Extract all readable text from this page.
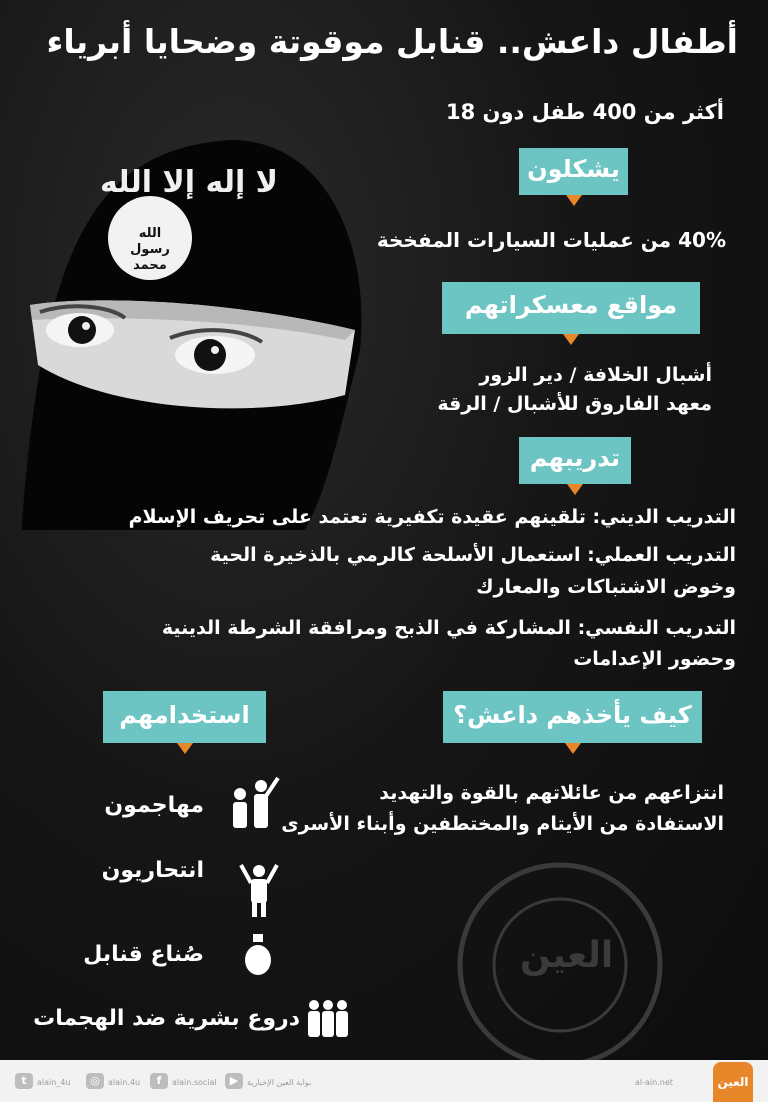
لا إله إلا الله
الله رسول محمد
العين
أطفال داعش.. قنابل موقوتة وضحايا أبرياء
أكثر من 400 طفل دون 18
يشكلون
40% من عمليات السيارات المفخخة
مواقع معسكراتهم
أشبال الخلافة / دير الزور
معهد الفاروق للأشبال / الرقة
تدريبهم
التدريب الديني: تلقينهم عقيدة تكفيرية تعتمد على تحريف الإسلام
التدريب العملي: استعمال الأسلحة كالرمي بالذخيرة الحية
وخوض الاشتباكات والمعارك
التدريب النفسي: المشاركة في الذبح ومرافقة الشرطة الدينية
وحضور الإعدامات
كيف يأخذهم داعش؟
انتزاعهم من عائلاتهم بالقوة والتهديد
الاستفادة من الأيتام والمختطفين وأبناء الأسرى
استخدامهم
مهاجمون
انتحاريون
صُناع قنابل
دروع بشرية ضد الهجمات
t	alain_4u	◎	alain.4u	f	alain.social	▶	بوابة العين الإخبارية	al-ain.net	العين
